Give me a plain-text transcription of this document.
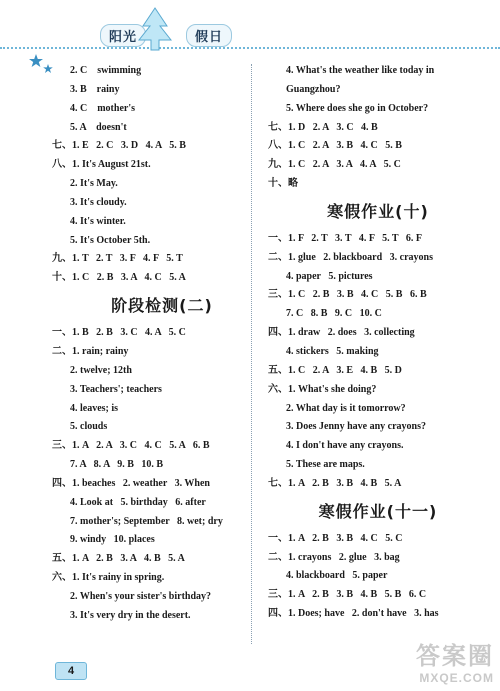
阳光	假日
2. C    swimming
3. B    rainy
4. C    mother's
5. A    doesn't
七、1. E   2. C   3. D   4. A   5. B
八、1. It's August 21st.
2. It's May.
3. It's cloudy.
4. It's winter.
5. It's October 5th.
九、1. T   2. T   3. F   4. F   5. T
十、1. C   2. B   3. A   4. C   5. A
阶段检测(二)
一、1. B   2. B   3. C   4. A   5. C
二、1. rain; rainy
2. twelve; 12th
3. Teachers'; teachers
4. leaves; is
5. clouds
三、1. A   2. A   3. C   4. C   5. A   6. B
7. A   8. A   9. B   10. B
四、1. beaches   2. weather   3. When
4. Look at   5. birthday   6. after
7. mother's; September   8. wet; dry
9. windy   10. places
五、1. A   2. B   3. A   4. B   5. A
六、1. It's rainy in spring.
2. When's your sister's birthday?
3. It's very dry in the desert.
4. What's the weather like today in
Guangzhou?
5. Where does she go in October?
七、1. D   2. A   3. C   4. B
八、1. C   2. A   3. B   4. C   5. B
九、1. C   2. A   3. A   4. A   5. C
十、略
寒假作业(十)
一、1. F   2. T   3. T   4. F   5. T   6. F
二、1. glue   2. blackboard   3. crayons
4. paper   5. pictures
三、1. C   2. B   3. B   4. C   5. B   6. B
7. C   8. B   9. C   10. C
四、1. draw   2. does   3. collecting
4. stickers   5. making
五、1. C   2. A   3. E   4. B   5. D
六、1. What's she doing?
2. What day is it tomorrow?
3. Does Jenny have any crayons?
4. I don't have any crayons.
5. These are maps.
七、1. A   2. B   3. B   4. B   5. A
寒假作业(十一)
一、1. A   2. B   3. B   4. C   5. C
二、1. crayons   2. glue   3. bag
4. blackboard   5. paper
三、1. A   2. B   3. B   4. B   5. B   6. C
四、1. Does; have   2. don't have   3. has
4
答案圈
MXQE.COM
